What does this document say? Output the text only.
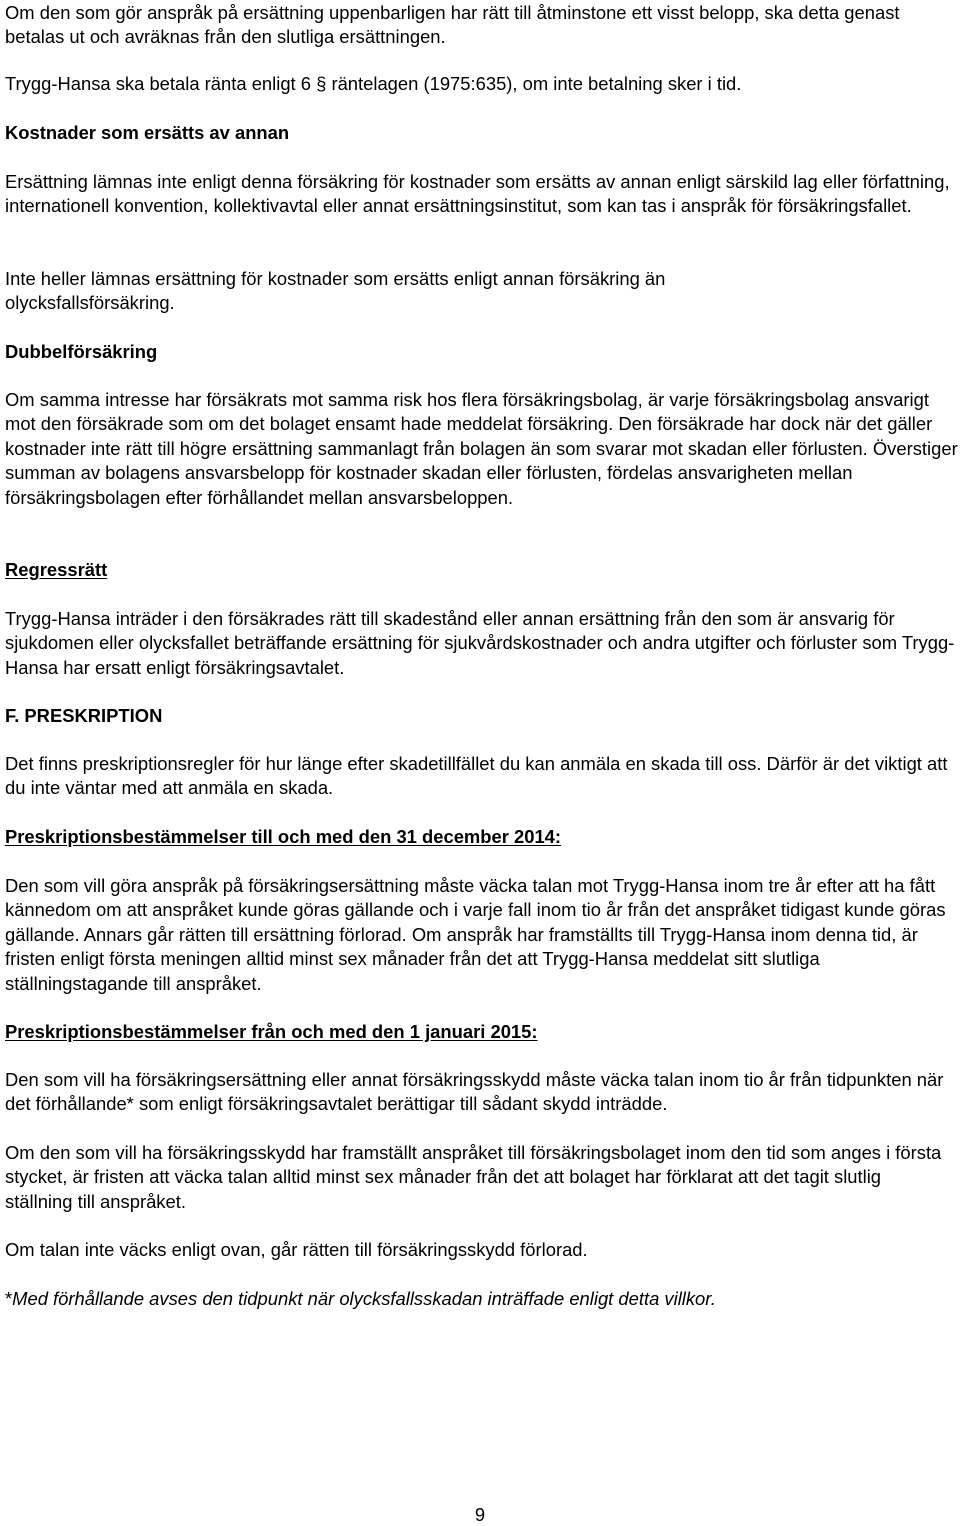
Om den som gör anspråk på ersättning uppenbarligen har rätt till åtminstone ett visst belopp, ska detta genast betalas ut och avräknas från den slutliga ersättningen.

Trygg-Hansa ska betala ränta enligt 6 § räntelagen (1975:635), om inte betalning sker i tid.

Kostnader som ersätts av annan

Ersättning lämnas inte enligt denna försäkring för kostnader som ersätts av annan enligt särskild lag eller författning, internationell konvention, kollektivavtal eller annat ersättningsinstitut, som kan tas i anspråk för försäkringsfallet.

Inte heller lämnas ersättning för kostnader som ersätts enligt annan försäkring än olycksfallsförsäkring.

Dubbelförsäkring

Om samma intresse har försäkrats mot samma risk hos flera försäkringsbolag, är varje försäkringsbolag ansvarigt mot den försäkrade som om det bolaget ensamt hade meddelat försäkring. Den försäkrade har dock när det gäller kostnader inte rätt till högre ersättning sammanlagt från bolagen än som svarar mot skadan eller förlusten. Överstiger summan av bolagens ansvarsbelopp för kostnader skadan eller förlusten, fördelas ansvarigheten mellan försäkringsbolagen efter förhållandet mellan ansvarsbeloppen.

Regressrätt

Trygg-Hansa inträder i den försäkrades rätt till skadestånd eller annan ersättning från den som är ansvarig för sjukdomen eller olycksfallet beträffande ersättning för sjukvårdskostnader och andra utgifter och förluster som Trygg-Hansa har ersatt enligt försäkringsavtalet.

F. PRESKRIPTION

Det finns preskriptionsregler för hur länge efter skadetillfället du kan anmäla en skada till oss. Därför är det viktigt att du inte väntar med att anmäla en skada.

Preskriptionsbestämmelser till och med den 31 december 2014:

Den som vill göra anspråk på försäkringsersättning måste väcka talan mot Trygg-Hansa inom tre år efter att ha fått kännedom om att anspråket kunde göras gällande och i varje fall inom tio år från det anspråket tidigast kunde göras gällande. Annars går rätten till ersättning förlorad. Om anspråk har framställts till Trygg-Hansa inom denna tid, är fristen enligt första meningen alltid minst sex månader från det att Trygg-Hansa meddelat sitt slutliga ställningstagande till anspråket.

Preskriptionsbestämmelser från och med den 1 januari 2015:

Den som vill ha försäkringsersättning eller annat försäkringsskydd måste väcka talan inom tio år från tidpunkten när det förhållande* som enligt försäkringsavtalet berättigar till sådant skydd inträdde.

Om den som vill ha försäkringsskydd har framställt anspråket till försäkringsbolaget inom den tid som anges i första stycket, är fristen att väcka talan alltid minst sex månader från det att bolaget har förklarat att det tagit slutlig ställning till anspråket.

Om talan inte väcks enligt ovan, går rätten till försäkringsskydd förlorad.

*Med förhållande avses den tidpunkt när olycksfallsskadan inträffade enligt detta villkor.

9
